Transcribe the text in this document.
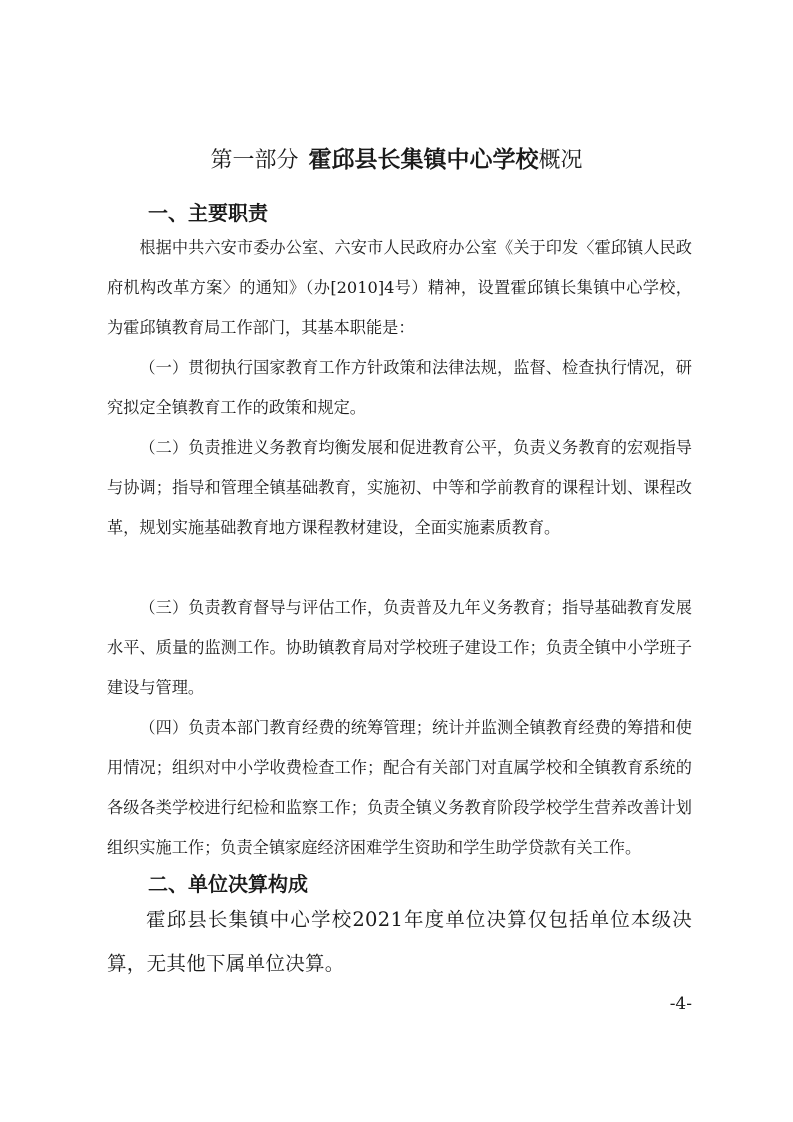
第一部分 霍邱县长集镇中心学校概况
一、主要职责

根据中共六安市委办公室、六安市人民政府办公室《关于印发〈霍邱镇人民政府机构改革方案〉的通知》（办[2010]4号）精神，设置霍邱镇长集镇中心学校，为霍邱镇教育局工作部门，其基本职能是：

（一）贯彻执行国家教育工作方针政策和法律法规，监督、检查执行情况，研究拟定全镇教育工作的政策和规定。

（二）负责推进义务教育均衡发展和促进教育公平，负责义务教育的宏观指导与协调；指导和管理全镇基础教育，实施初、中等和学前教育的课程计划、课程改革，规划实施基础教育地方课程教材建设，全面实施素质教育。

（三）负责教育督导与评估工作，负责普及九年义务教育；指导基础教育发展水平、质量的监测工作。协助镇教育局对学校班子建设工作；负责全镇中小学班子建设与管理。

（四）负责本部门教育经费的统筹管理；统计并监测全镇教育经费的筹措和使用情况；组织对中小学收费检查工作；配合有关部门对直属学校和全镇教育系统的各级各类学校进行纪检和监察工作；负责全镇义务教育阶段学校学生营养改善计划组织实施工作；负责全镇家庭经济困难学生资助和学生助学贷款有关工作。

二、单位决算构成

霍邱县长集镇中心学校2021年度单位决算仅包括单位本级决算，无其他下属单位决算。

-4-
